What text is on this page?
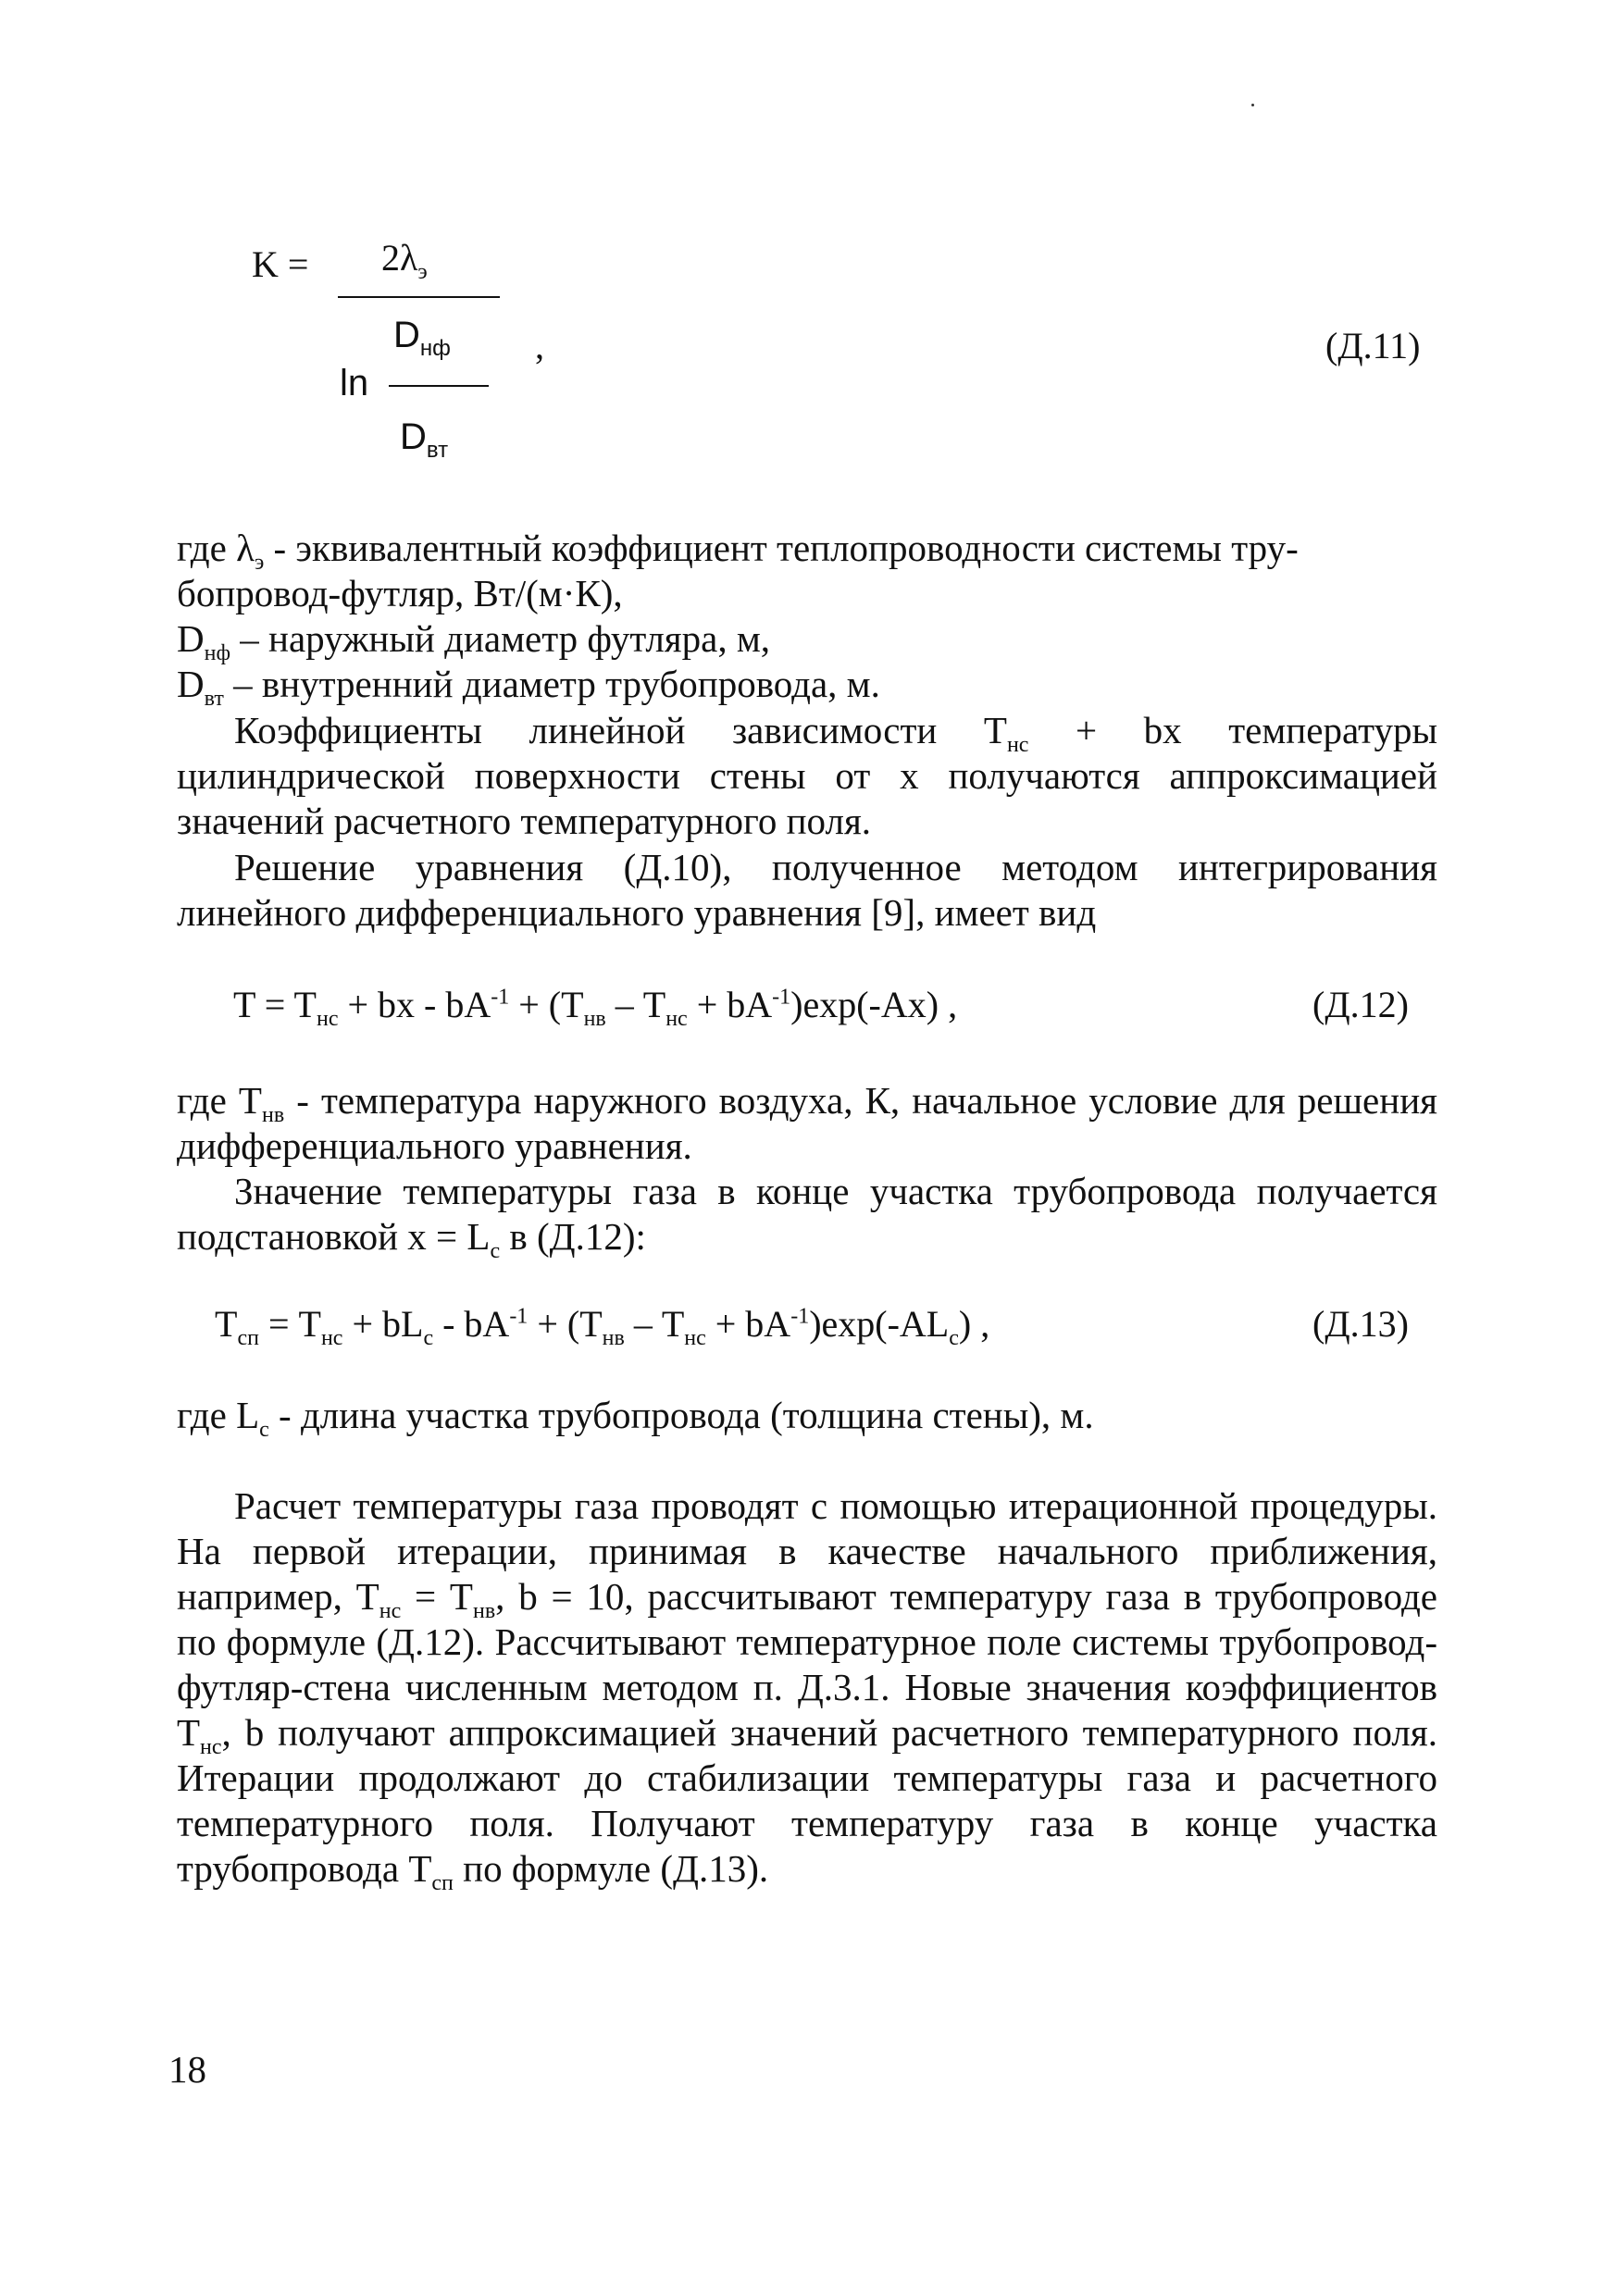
$K = 2\lambda_э$
$D_{нф}$
ln
$D_{вт}$
,	(Д.11)
где $\lambda_э$ - эквивалентный коэффициент теплопроводности системы тру-
бопровод-футляр, Вт/(м·К),
$D_{нф}$ – наружный диаметр футляра, м,
$D_{вт}$ – внутренний диаметр трубопровода, м.
Коэффициенты линейной зависимости $T_{нс}$ + bx температуры цилиндрической поверхности стены от x получаются аппроксимацией значений расчетного температурного поля.
Решение уравнения (Д.10), полученное методом интегрирования линейного дифференциального уравнения [9], имеет вид
$T = T_{нс}$ + bx - $bA^{-1} + (T_{нв} - T_{нс} + bA^{-1})\exp(-Ax)$ ,	(Д.12)
где $T_{нв}$ - температура наружного воздуха, К, начальное условие для решения дифференциального уравнения.
Значение температуры газа в конце участка трубопровода получается подстановкой $x = L_с$ в (Д.12):
$T_{сп} = T_{нс} + bL_с - bA^{-1} + (T_{нв} - T_{нс} + bA^{-1})\exp(-AL_с)$ ,	(Д.13)
где $L_с$ - длина участка трубопровода (толщина стены), м.
Расчет температуры газа проводят с помощью итерационной процедуры. На первой итерации, принимая в качестве начального приближения, например, $T_{нс} = T_{нв}$, b = 10, рассчитывают температуру газа в трубопроводе по формуле (Д.12). Рассчитывают температурное поле системы трубопровод-футляр-стена численным методом п. Д.3.1. Новые значения коэффициентов $T_{нс}$, b получают аппроксимацией значений расчетного температурного поля. Итерации продолжают до стабилизации температуры газа и расчетного температурного поля. Получают температуру газа в конце участка трубопровода $T_{сп}$ по формуле (Д.13).
18
